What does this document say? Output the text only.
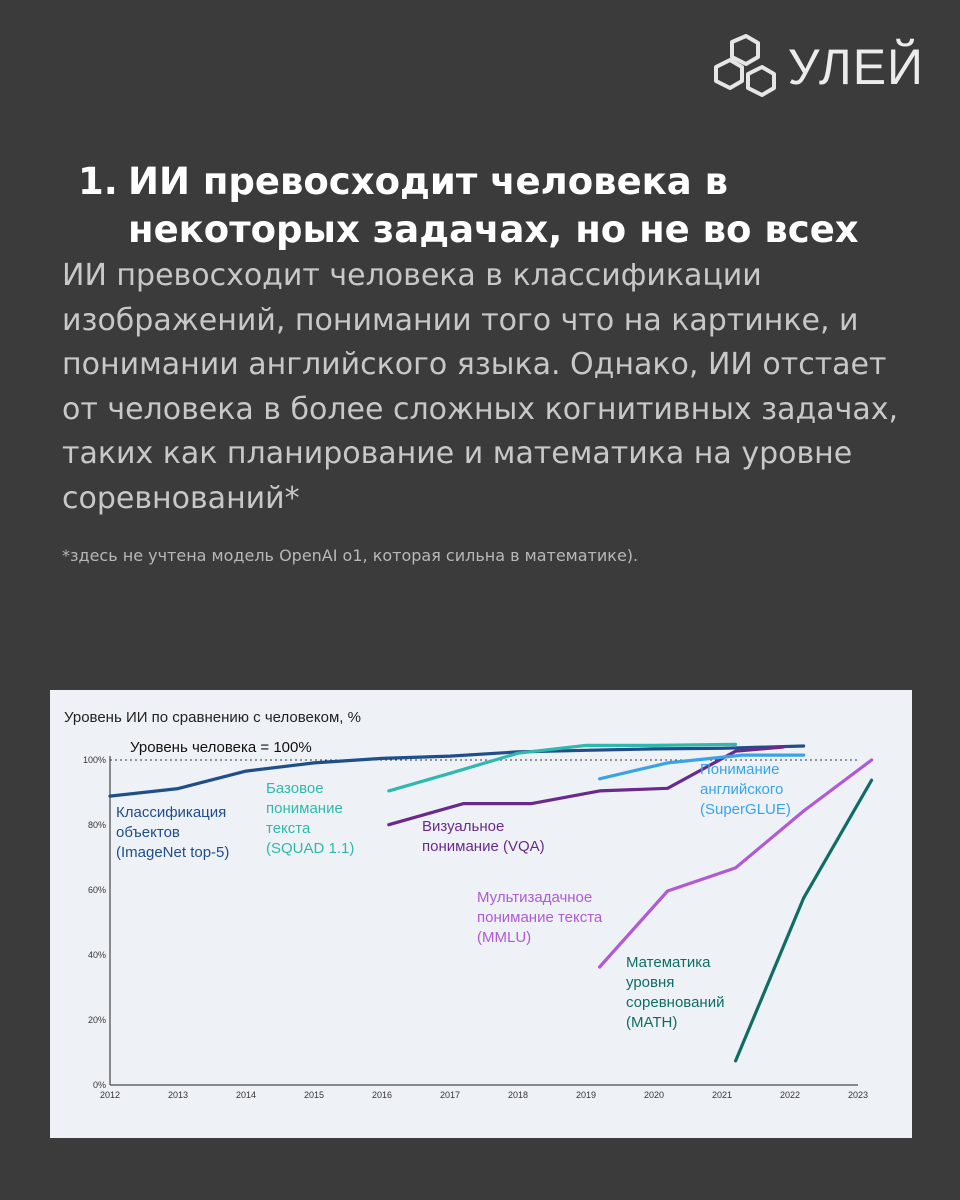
УЛЕЙ
1. ИИ превосходит человека в
некоторых задачах, но не во всех

ИИ превосходит человека в классификации изображений, понимании того что на картинке, и понимании английского языка. Однако, ИИ отстает от человека в более сложных когнитивных задачах, таких как планирование и математика на уровне соревнований*

*здесь не учтена модель OpenAI o1, которая сильна в математике).

Уровень ИИ по сравнению с человеком, %
Уровень человека = 100%
0%
20%
40%
60%
80%
100%
2012	2013	2014	2015	2016	2017	2018	2019	2020	2021	2022	2023
Классификация объектов (ImageNet top-5)
Базовое понимание текста (SQUAD 1.1)
Визуальное понимание (VQA)
Понимание английского (SuperGLUE)
Мультизадачное понимание текста (MMLU)
Математика уровня соревнований (MATH)
